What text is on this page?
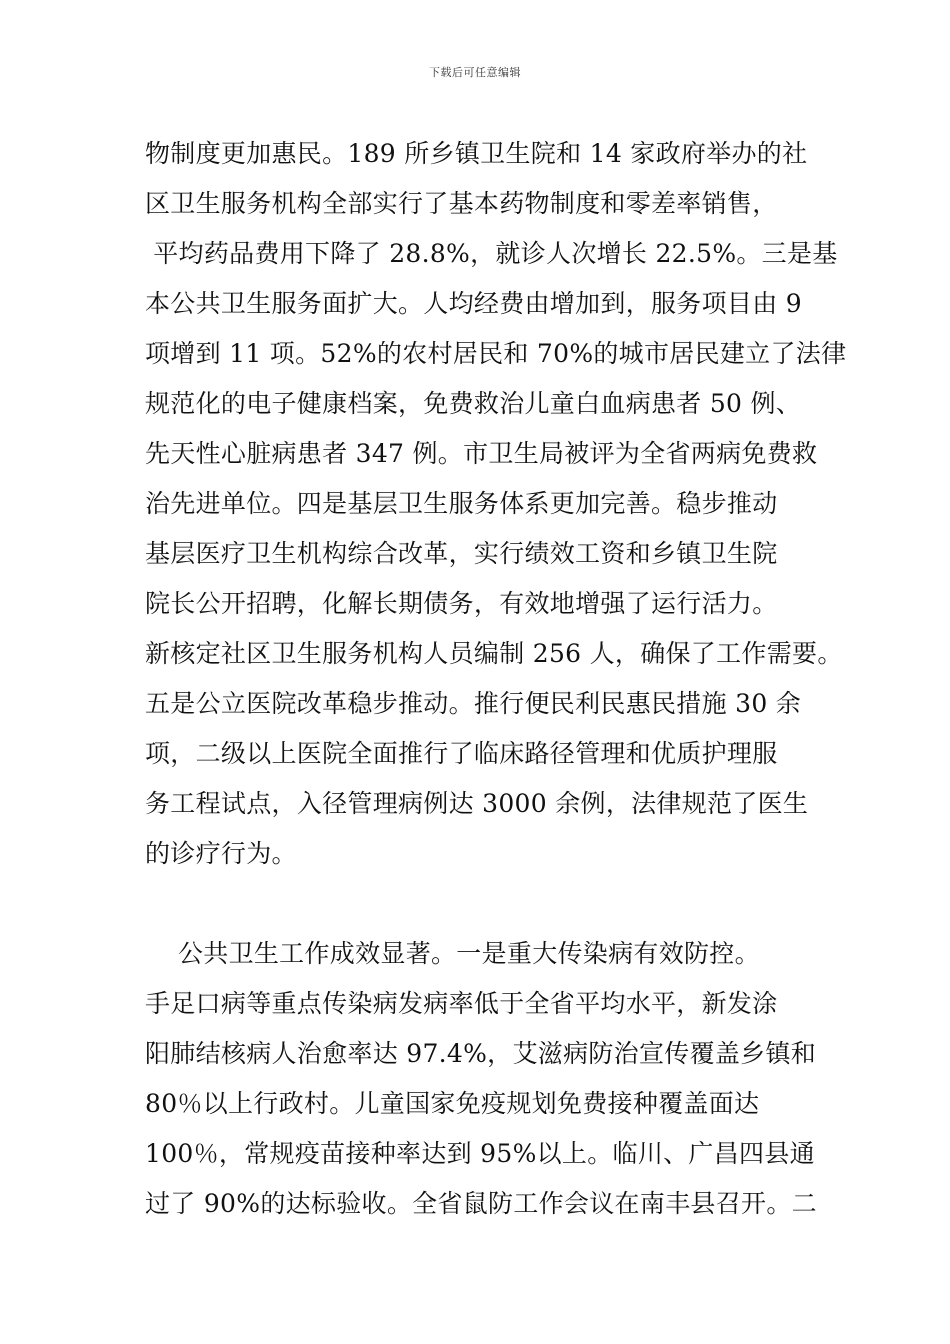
下载后可任意编辑
物制度更加惠民。189 所乡镇卫生院和 14 家政府举办的社
区卫生服务机构全部实行了基本药物制度和零差率销售，
平均药品费用下降了 28.8%，就诊人次增长 22.5%。三是基
本公共卫生服务面扩大。人均经费由增加到，服务项目由 9
项增到 11 项。52%的农村居民和 70%的城市居民建立了法律
规范化的电子健康档案，免费救治儿童白血病患者 50 例、
先天性心脏病患者 347 例。市卫生局被评为全省两病免费救
治先进单位。四是基层卫生服务体系更加完善。稳步推动
基层医疗卫生机构综合改革，实行绩效工资和乡镇卫生院
院长公开招聘，化解长期债务，有效地增强了运行活力。
新核定社区卫生服务机构人员编制 256 人，确保了工作需要。
五是公立医院改革稳步推动。推行便民利民惠民措施 30 余
项，二级以上医院全面推行了临床路径管理和优质护理服
务工程试点，入径管理病例达 3000 余例，法律规范了医生
的诊疗行为。
公共卫生工作成效显著。一是重大传染病有效防控。
手足口病等重点传染病发病率低于全省平均水平，新发涂
阳肺结核病人治愈率达 97.4%，艾滋病防治宣传覆盖乡镇和
80％以上行政村。儿童国家免疫规划免费接种覆盖面达
100％，常规疫苗接种率达到 95%以上。临川、广昌四县通
过了 90%的达标验收。全省鼠防工作会议在南丰县召开。二
